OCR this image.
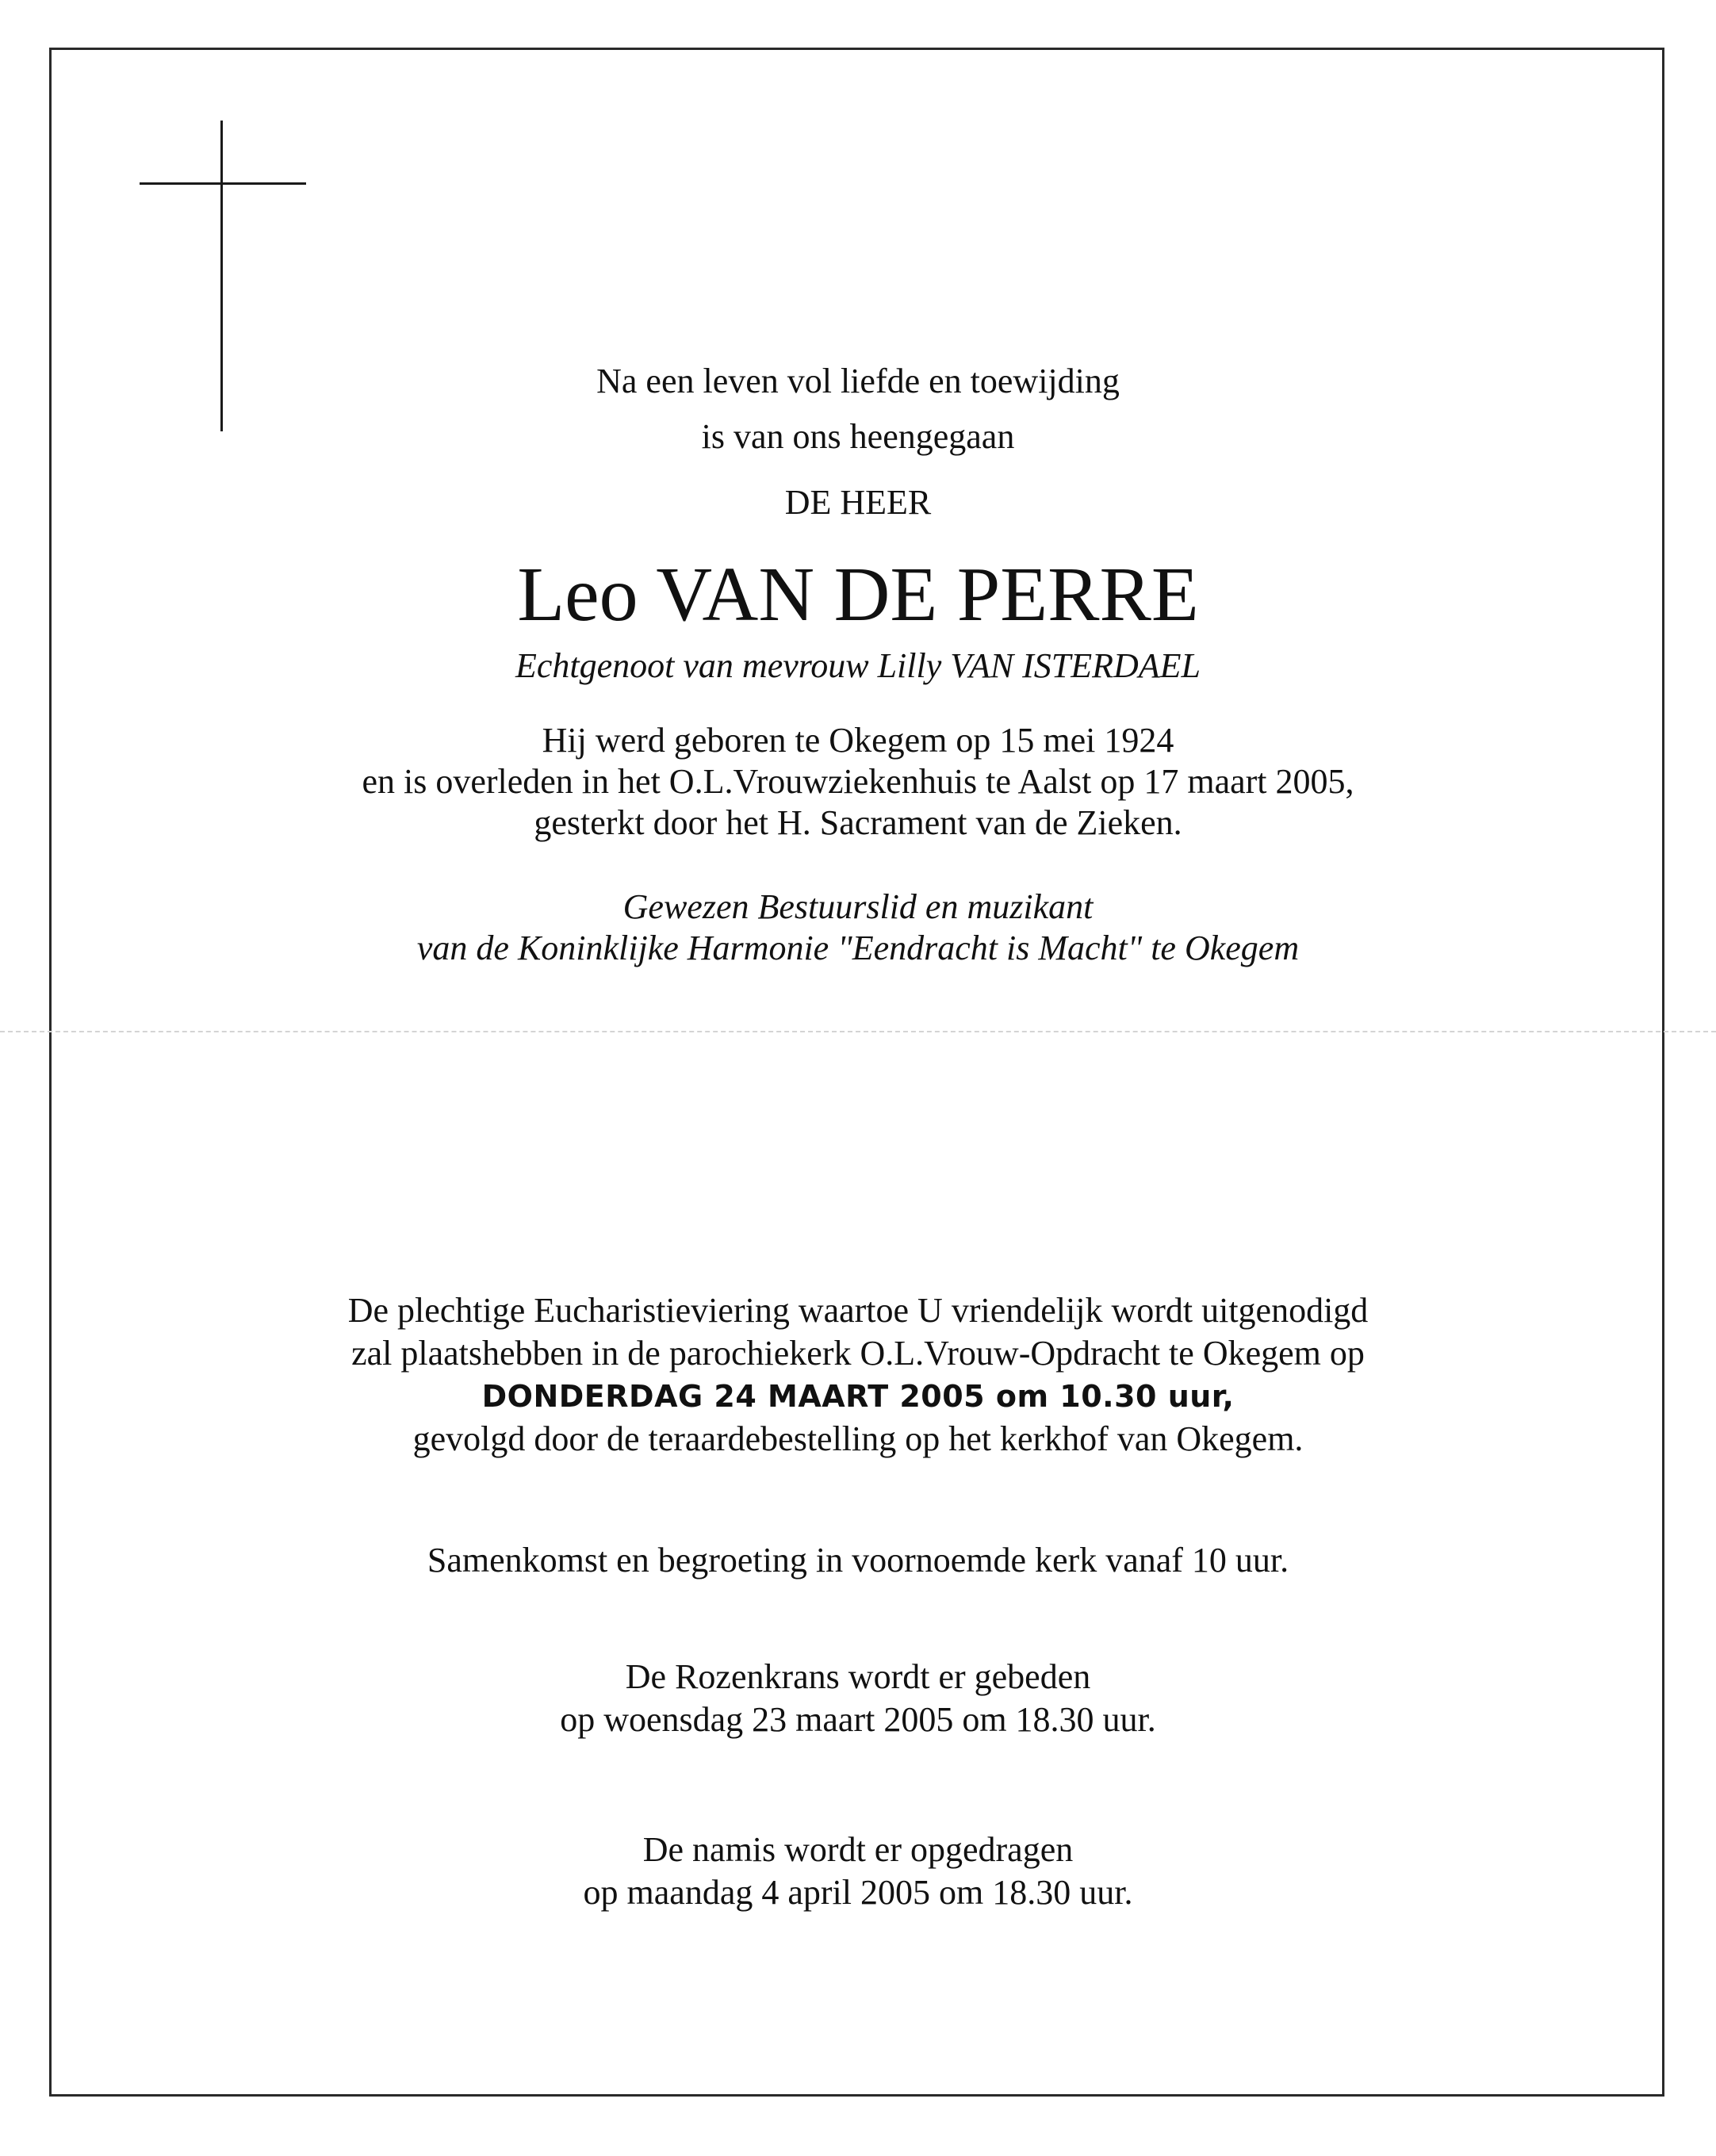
Na een leven vol liefde en toewijding
is van ons heengegaan
DE HEER
Leo VAN DE PERRE
Echtgenoot van mevrouw Lilly VAN ISTERDAEL
Hij werd geboren te Okegem op 15 mei 1924
en is overleden in het O.L.Vrouwziekenhuis te Aalst op 17 maart 2005,
gesterkt door het H. Sacrament van de Zieken.
Gewezen Bestuurslid en muzikant
van de Koninklijke Harmonie "Eendracht is Macht" te Okegem
De plechtige Eucharistieviering waartoe U vriendelijk wordt uitgenodigd
zal plaatshebben in de parochiekerk O.L.Vrouw-Opdracht te Okegem op
DONDERDAG 24 MAART 2005 om 10.30 uur,
gevolgd door de teraardebestelling op het kerkhof van Okegem.
Samenkomst en begroeting in voornoemde kerk vanaf 10 uur.
De Rozenkrans wordt er gebeden
op woensdag 23 maart 2005 om 18.30 uur.
De namis wordt er opgedragen
op maandag 4 april 2005 om 18.30 uur.
